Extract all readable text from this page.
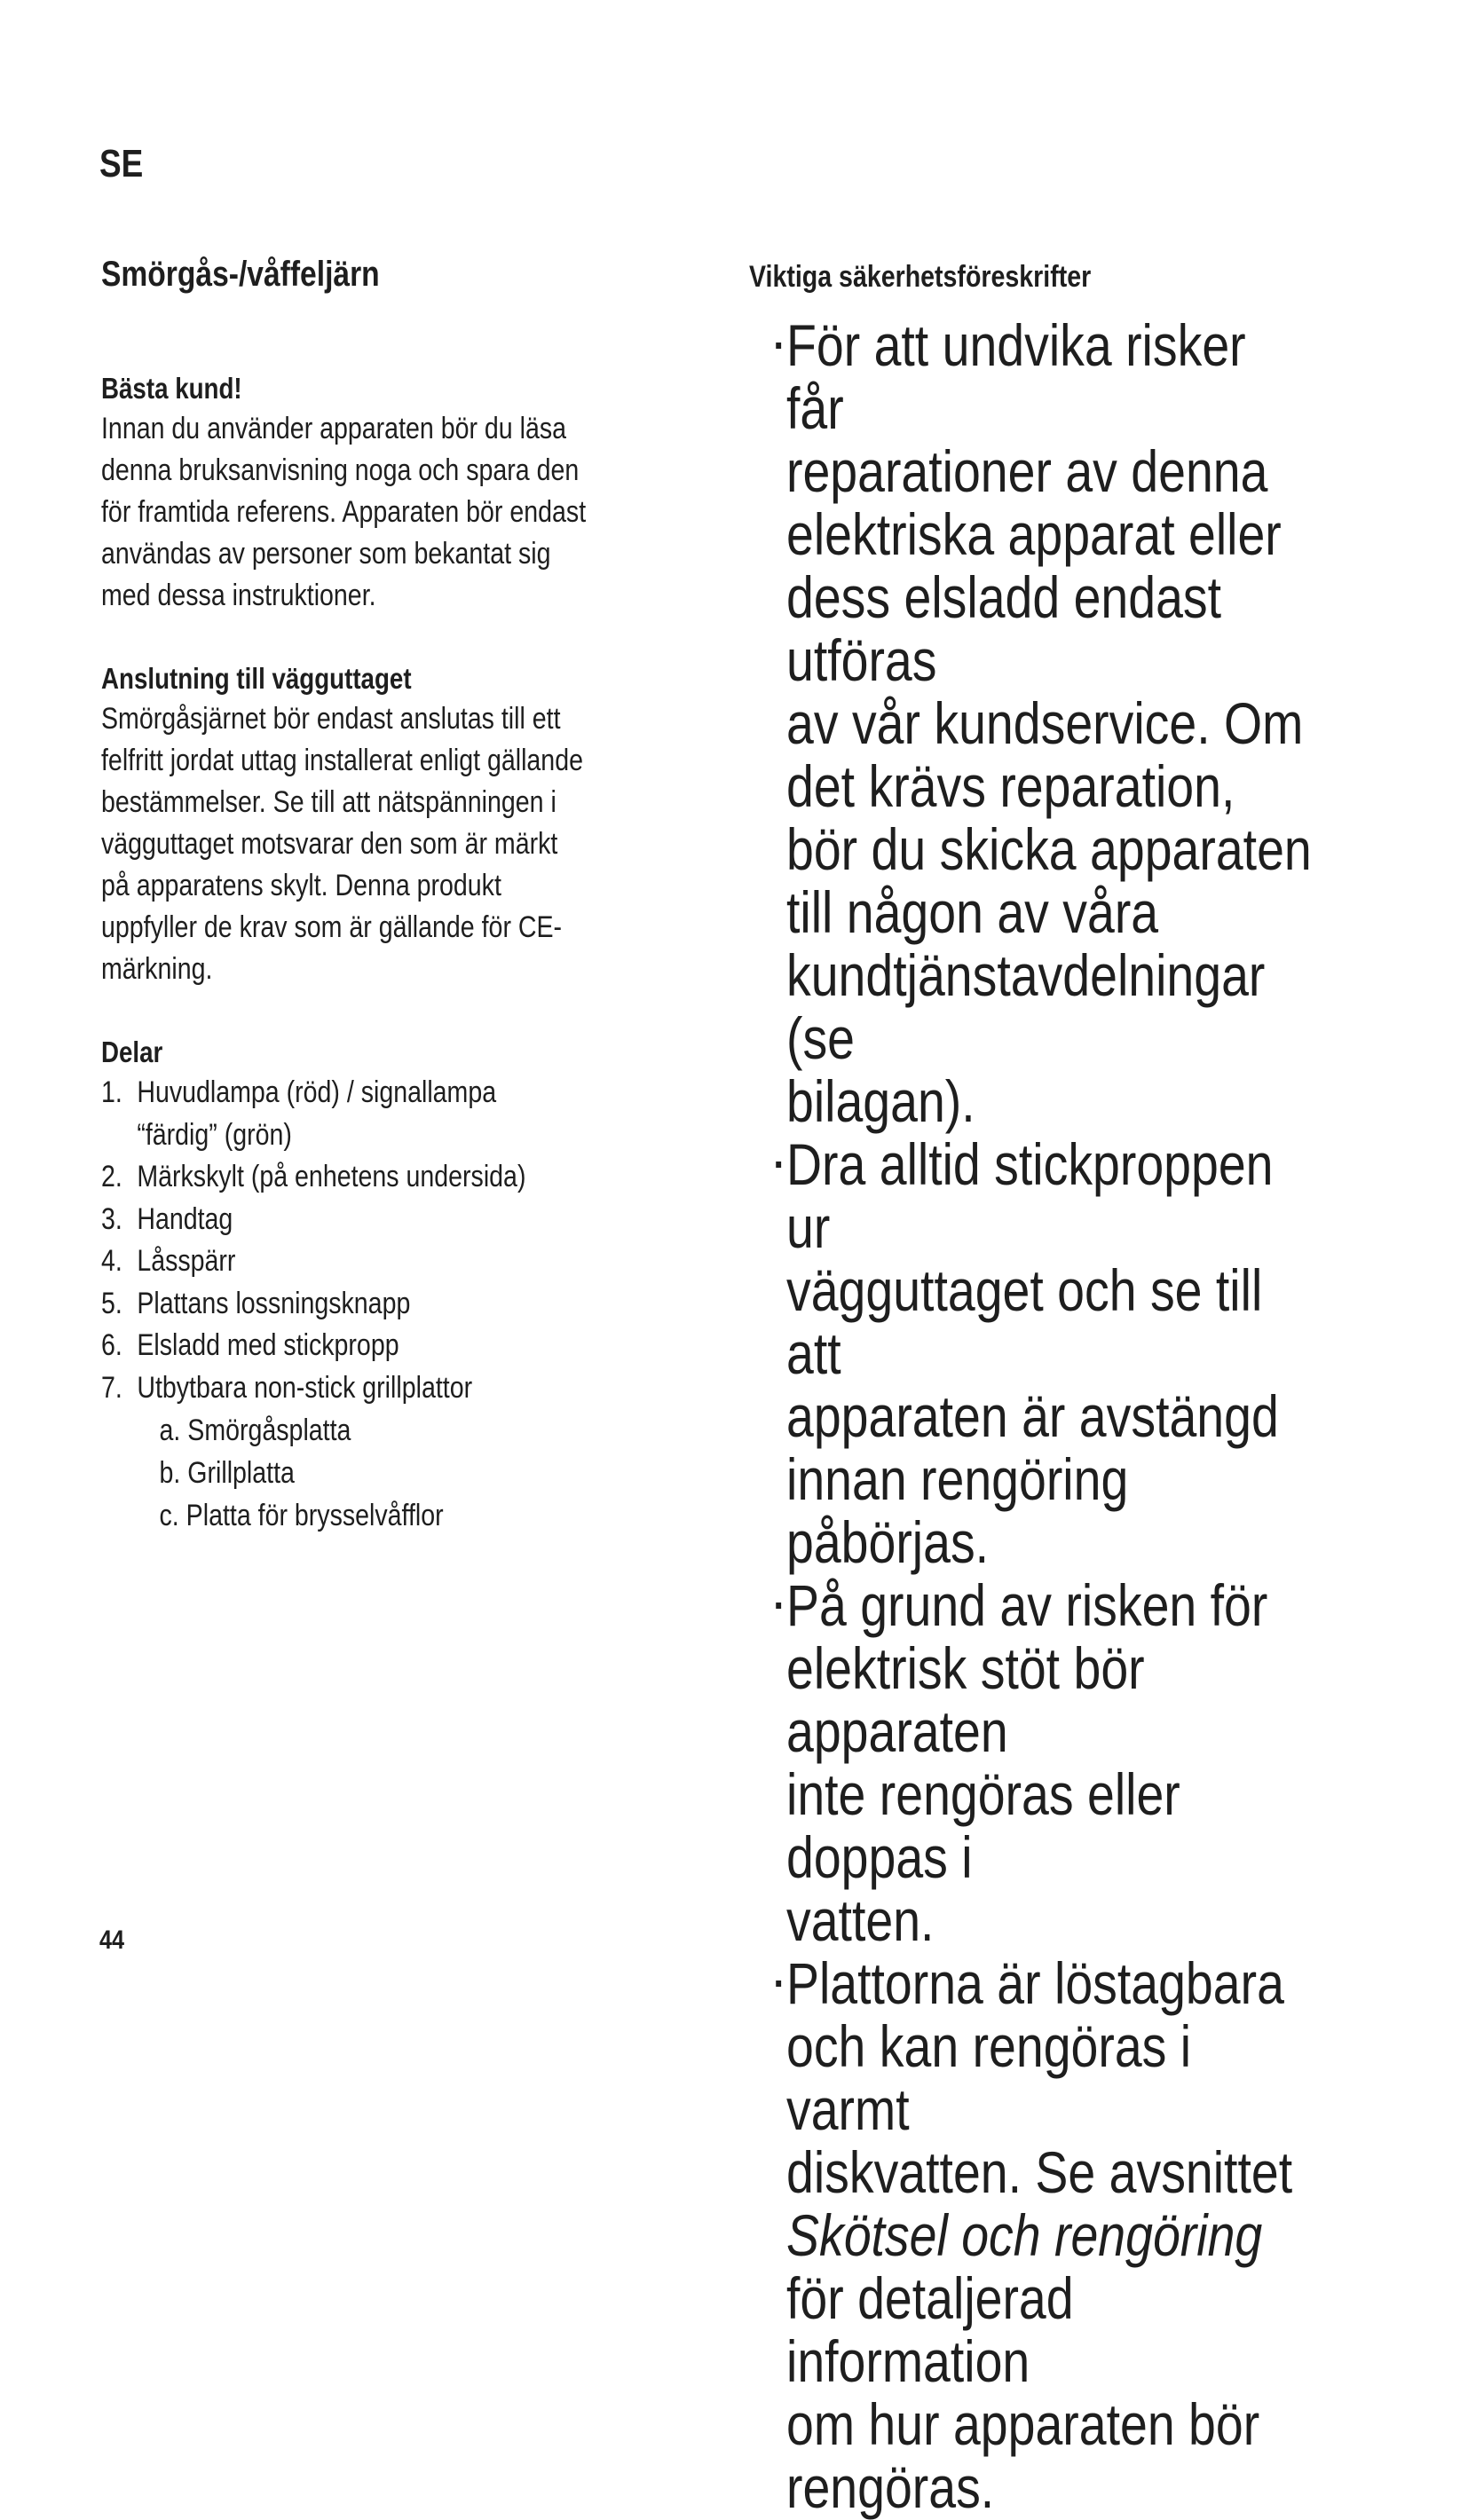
SE
Smörgås-/våffeljärn

Bästa kund!

Innan du använder apparaten bör du läsa
denna bruksanvisning noga och spara den
för framtida referens. Apparaten bör endast
användas av personer som bekantat sig
med dessa instruktioner.

Anslutning till vägguttaget

Smörgåsjärnet bör endast anslutas till ett
felfritt jordat uttag installerat enligt gällande
bestämmelser. Se till att nätspänningen i
vägguttaget motsvarar den som är märkt
på apparatens skylt. Denna produkt
uppfyller de krav som är gällande för CE-
märkning.

Delar

1. Huvudlampa (röd) / signallampa
“färdig” (grön)
2. Märkskylt (på enhetens undersida)
3. Handtag
4. Låsspärr
5. Plattans lossningsknapp
6. Elsladd med stickpropp
7. Utbytbara non-stick grillplattor
a. Smörgåsplatta
b. Grillplatta
c. Platta för brysselvåfflor

Viktiga säkerhetsföreskrifter

För att undvika risker får
reparationer av denna
elektriska apparat eller
dess elsladd endast utföras
av vår kundservice. Om
det krävs reparation,
bör du skicka apparaten
till någon av våra
kundtjänstavdelningar (se
bilagan).
Dra alltid stickproppen ur
vägguttaget och se till att
apparaten är avstängd
innan rengöring påbörjas.
På grund av risken för
elektrisk stöt bör apparaten
inte rengöras eller doppas i
vatten.
Plattorna är löstagbara
och kan rengöras i varmt
diskvatten. Se avsnittet
Skötsel och rengöring
för detaljerad information
om hur apparaten bör
rengöras.
44
